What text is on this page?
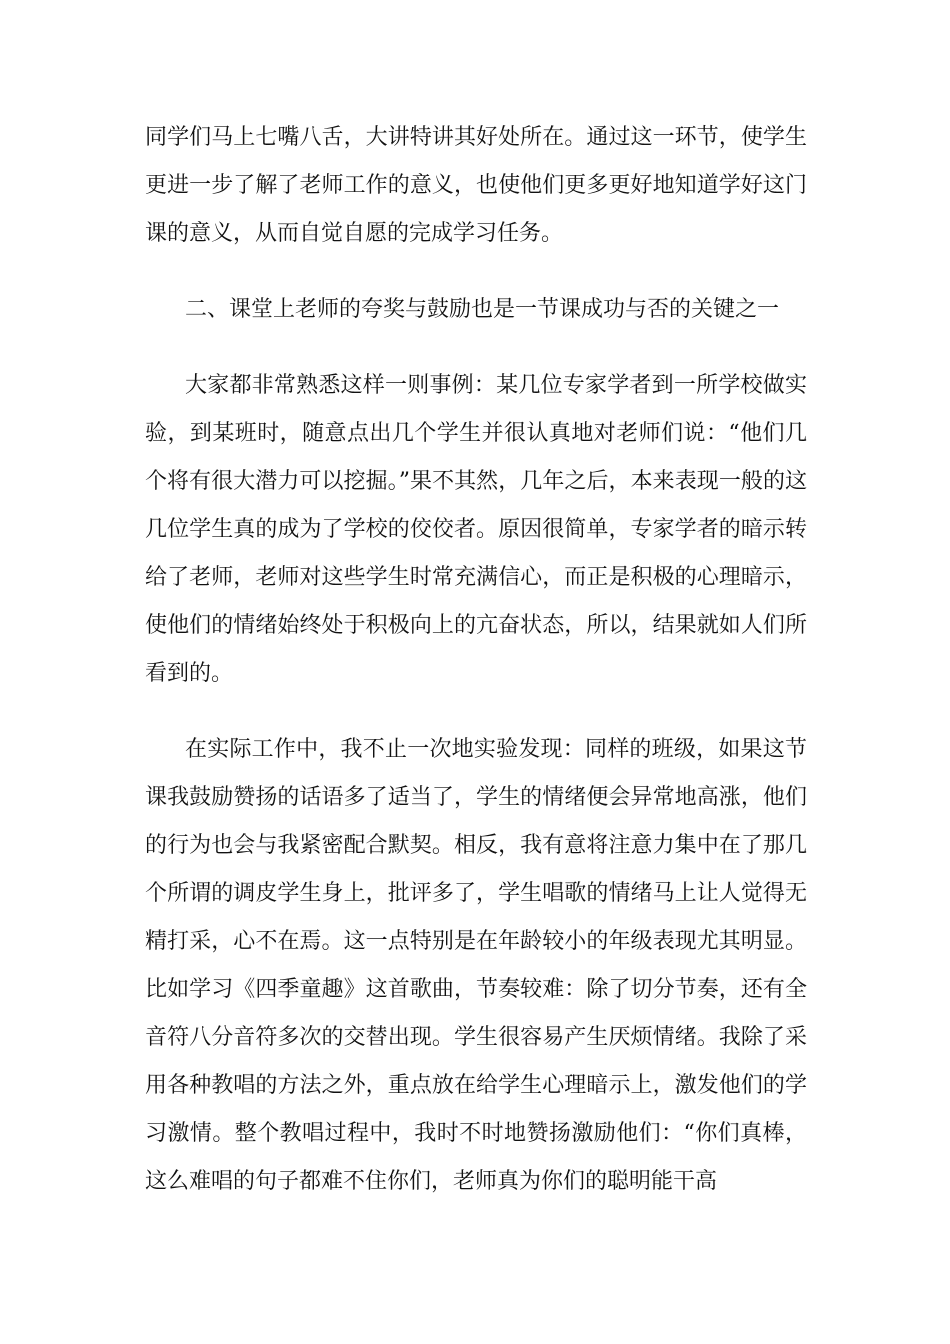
同学们马上七嘴八舌，大讲特讲其好处所在。通过这一环节，使学生更进一步了解了老师工作的意义，也使他们更多更好地知道学好这门课的意义，从而自觉自愿的完成学习任务。

二、课堂上老师的夸奖与鼓励也是一节课成功与否的关键之一

大家都非常熟悉这样一则事例：某几位专家学者到一所学校做实验，到某班时，随意点出几个学生并很认真地对老师们说：“他们几个将有很大潜力可以挖掘。”果不其然，几年之后，本来表现一般的这几位学生真的成为了学校的佼佼者。原因很简单，专家学者的暗示转给了老师，老师对这些学生时常充满信心，而正是积极的心理暗示，使他们的情绪始终处于积极向上的亢奋状态，所以，结果就如人们所看到的。

在实际工作中，我不止一次地实验发现：同样的班级，如果这节课我鼓励赞扬的话语多了适当了，学生的情绪便会异常地高涨，他们的行为也会与我紧密配合默契。相反，我有意将注意力集中在了那几个所谓的调皮学生身上，批评多了，学生唱歌的情绪马上让人觉得无精打采，心不在焉。这一点特别是在年龄较小的年级表现尤其明显。比如学习《四季童趣》这首歌曲，节奏较难：除了切分节奏，还有全音符八分音符多次的交替出现。学生很容易产生厌烦情绪。我除了采用各种教唱的方法之外，重点放在给学生心理暗示上，激发他们的学习激情。整个教唱过程中，我时不时地赞扬激励他们：“你们真棒，这么难唱的句子都难不住你们，老师真为你们的聪明能干高
